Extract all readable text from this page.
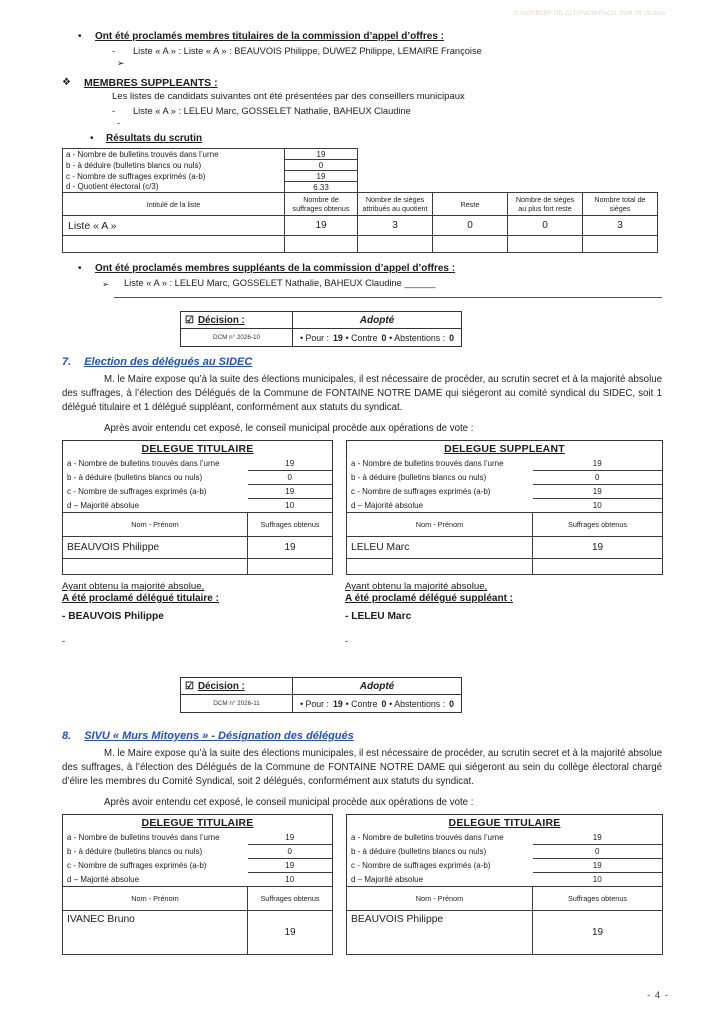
G:\XORD09\FTID CLT\PVCM\PVCLI 2026 03 25.docx
•	Ont été proclamés membres titulaires de la commission d’appel d’offres :
-	Liste « A » : Liste « A » : BEAUVOIS Philippe, DUWEZ Philippe, LEMAIRE Françoise
➢
❖	MEMBRES SUPPLEANTS :
Les listes de candidats suivantes ont été présentées par des conseillers municipaux
-	Liste « A » : LELEU Marc, GOSSELET Nathalie, BAHEUX Claudine
-
•	Résultats du scrutin
a - Nombre de bulletins trouvés dans l’urne	19
b - à déduire (bulletins blancs ou nuls)	0
c - Nombre de suffrages exprimés (a-b)	19
d - Quotient électoral (c/3)	6.33
Intitulé de la liste	Nombre de suffrages obtenus	Nombre de sièges attribués au quotient	Reste	Nombre de sièges au plus fort reste	Nombre total de sièges
Liste « A »	19	3	0	0	3

•	Ont été proclamés membres suppléants de la commission d’appel d’offres :
➢	Liste « A » : LELEU Marc, GOSSELET Nathalie, BAHEUX Claudine ______
☑ Décision :	Adopté
DCM n° 2026-10	• Pour : 19 • Contre 0 • Abstentions : 0
7. Election des délégués au SIDEC

M. le Maire expose qu’à la suite des élections municipales, il est nécessaire de procéder, au scrutin secret et à la majorité absolue des suffrages, à l’élection des Délégués de la Commune de FONTAINE NOTRE DAME qui siégeront au comité syndical du SIDEC, soit 1 délégué titulaire et 1 délégué suppléant, conformément aux statuts du syndicat.

Après avoir entendu cet exposé, le conseil municipal procède aux opérations de vote :
DELEGUE TITULAIRE	
a - Nombre de bulletins trouvés dans l’urne	19
b - à déduire (bulletins blancs ou nuls)	0
c - Nombre de suffrages exprimés (a-b)	19
d – Majorité absolue	10
Nom - Prénom	Suffrages obtenus
BEAUVOIS Philippe	19

DELEGUE SUPPLEANT	
a - Nombre de bulletins trouvés dans l’urne	19
b - à déduire (bulletins blancs ou nuls)	0
c - Nombre de suffrages exprimés (a-b)	19
d – Majorité absolue	10
Nom - Prénom	Suffrages obtenus
LELEU Marc	19

Ayant obtenu la majorité absolue,
A été proclamé délégué titulaire :
- BEAUVOIS Philippe
-
Ayant obtenu la majorité absolue,
A été proclamé délégué suppléant :
- LELEU Marc
-
☑ Décision :	Adopté
DCM n° 2026-11	• Pour : 19 • Contre 0 • Abstentions : 0
8. SIVU « Murs Mitoyens » - Désignation des délégués

M. le Maire expose qu’à la suite des élections municipales, il est nécessaire de procéder, au scrutin secret et à la majorité absolue des suffrages, à l’élection des Délégués de la Commune de FONTAINE NOTRE DAME qui siégeront au sein du collège électoral chargé d’élire les membres du Comité Syndical, soit 2 délégués, conformément aux statuts du syndicat.

Après avoir entendu cet exposé, le conseil municipal procède aux opérations de vote :
DELEGUE TITULAIRE	
a - Nombre de bulletins trouvés dans l’urne	19
b - à déduire (bulletins blancs ou nuls)	0
c - Nombre de suffrages exprimés (a-b)	19
d – Majorité absolue	10
Nom - Prénom	Suffrages obtenus
IVANEC Bruno	19
DELEGUE TITULAIRE	
a - Nombre de bulletins trouvés dans l’urne	19
b - à déduire (bulletins blancs ou nuls)	0
c - Nombre de suffrages exprimés (a-b)	19
d – Majorité absolue	10
Nom - Prénom	Suffrages obtenus
BEAUVOIS Philippe	19
- 4 -
